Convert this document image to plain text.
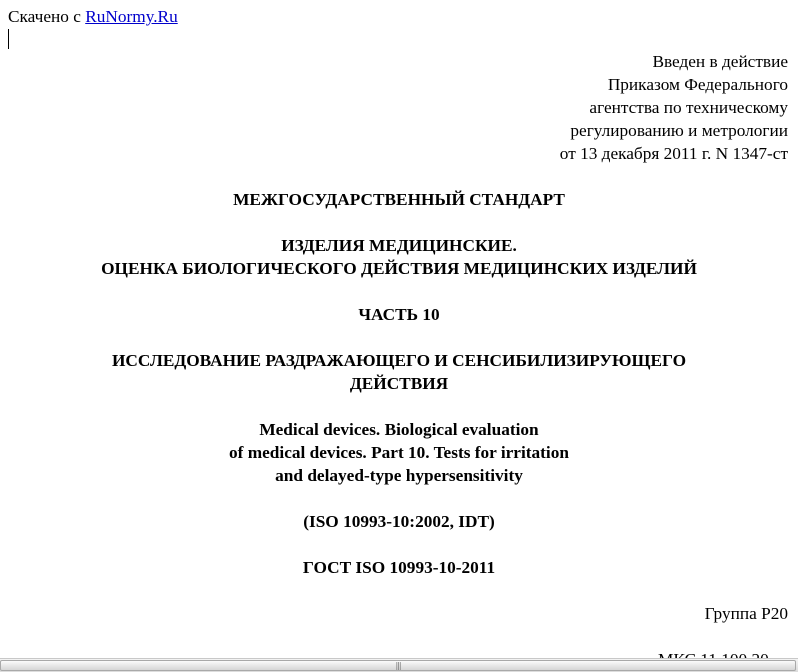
Скачено с RuNormy.Ru
Введен в действие
Приказом Федерального
агентства по техническому
регулированию и метрологии
от 13 декабря 2011 г. N 1347-ст
МЕЖГОСУДАРСТВЕННЫЙ СТАНДАРТ
ИЗДЕЛИЯ МЕДИЦИНСКИЕ.
ОЦЕНКА БИОЛОГИЧЕСКОГО ДЕЙСТВИЯ МЕДИЦИНСКИХ ИЗДЕЛИЙ
ЧАСТЬ 10
ИССЛЕДОВАНИЕ РАЗДРАЖАЮЩЕГО И СЕНСИБИЛИЗИРУЮЩЕГО
ДЕЙСТВИЯ
Medical devices. Biological evaluation
of medical devices. Part 10. Tests for irritation
and delayed-type hypersensitivity
(ISO 10993-10:2002, IDT)
ГОСТ ISO 10993-10-2011
Группа Р20
|||
